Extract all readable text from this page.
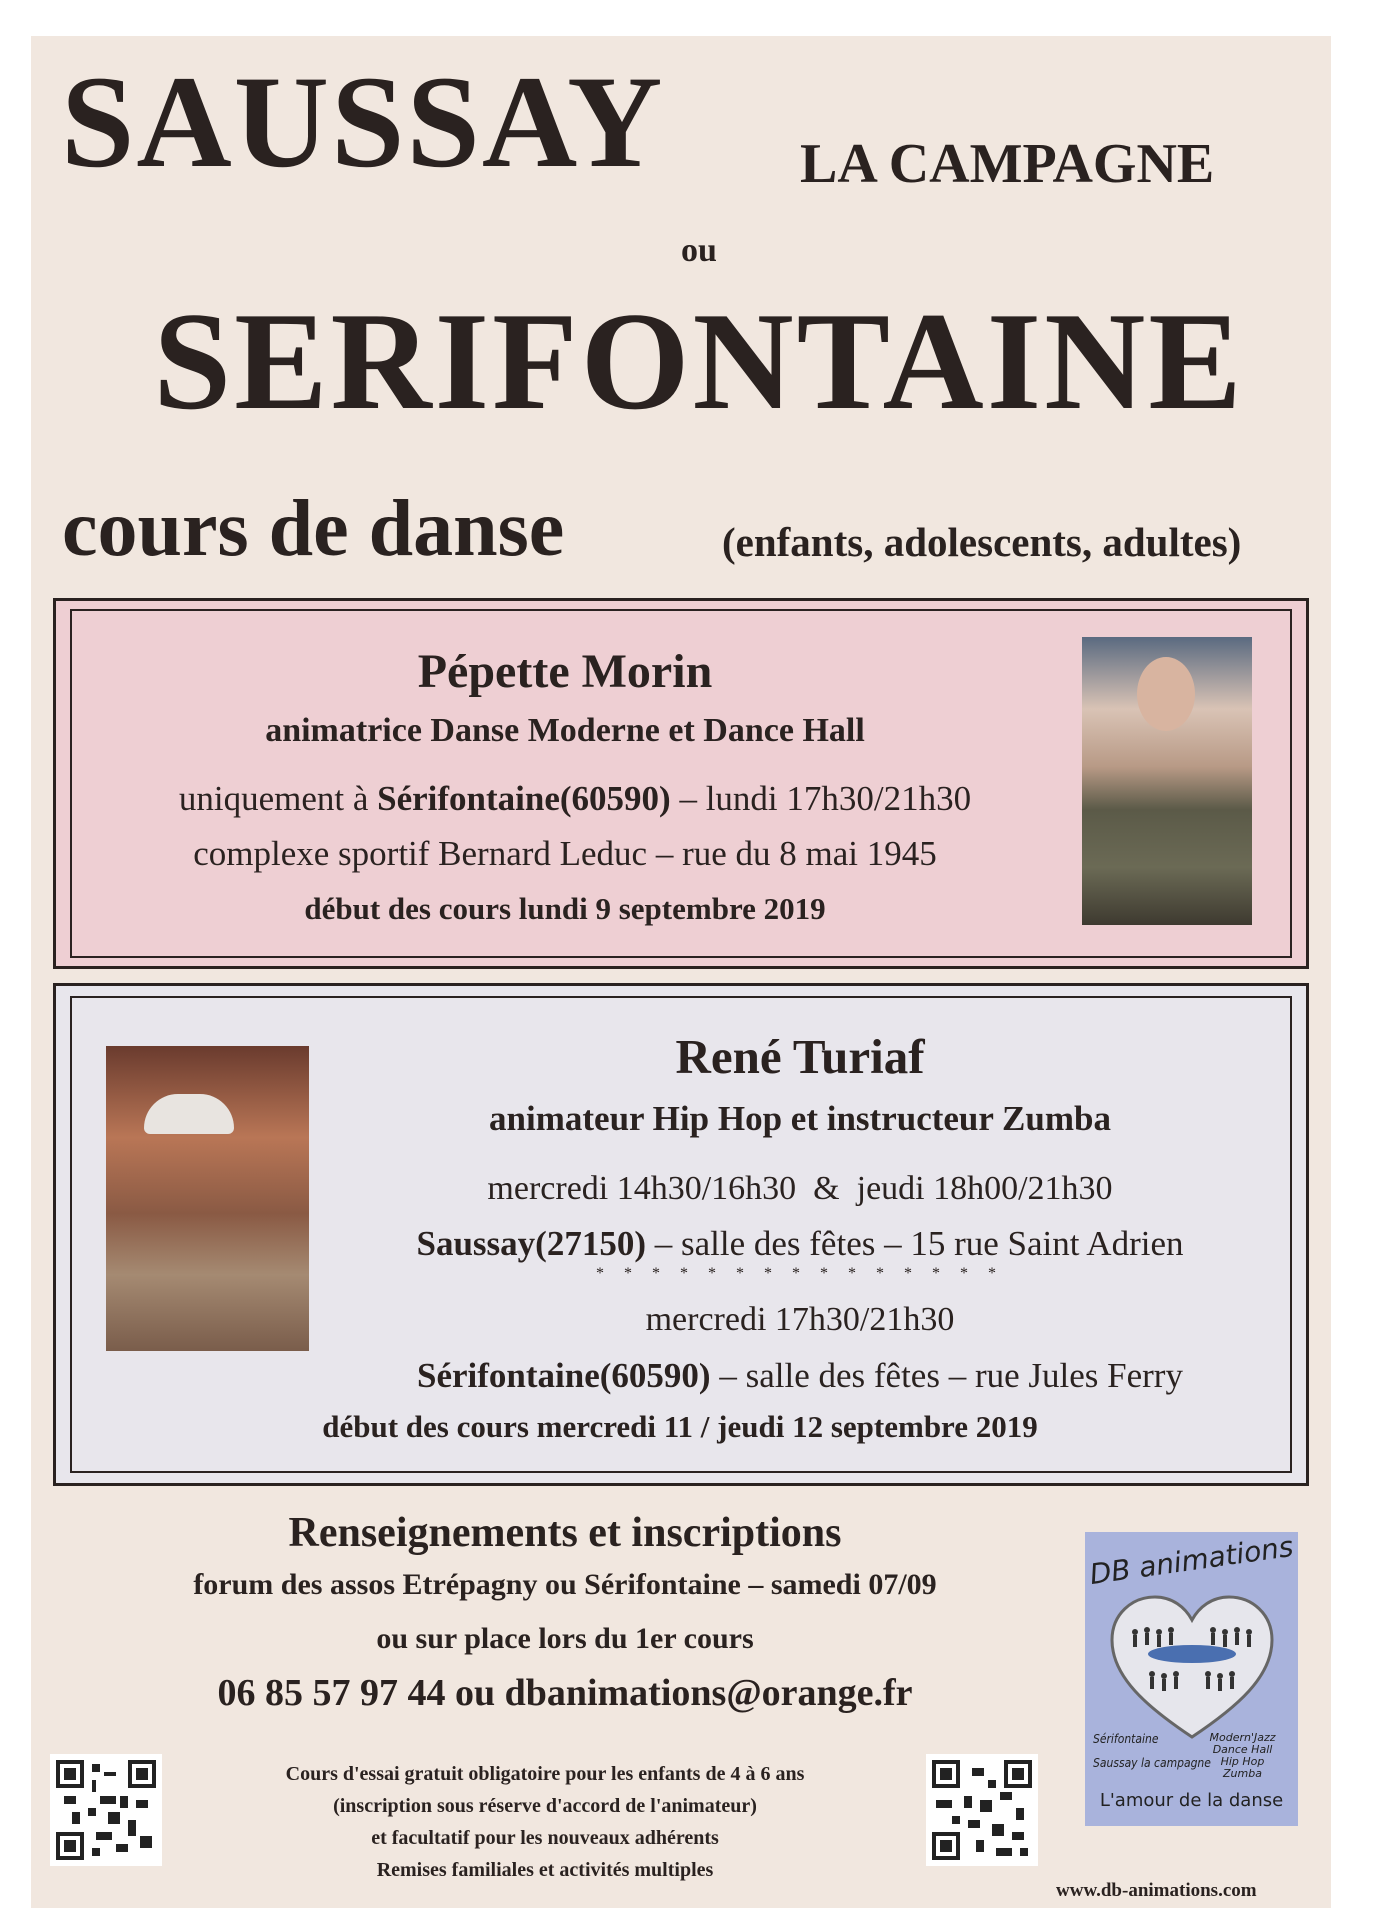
SAUSSAY LA CAMPAGNE
ou
SERIFONTAINE
cours de danse	(enfants, adolescents, adultes)
Pépette Morin
animatrice Danse Moderne et Dance Hall
uniquement à Sérifontaine(60590) – lundi 17h30/21h30
complexe sportif Bernard Leduc – rue du 8 mai 1945
début des cours lundi 9 septembre 2019
René Turiaf
animateur Hip Hop et instructeur Zumba
mercredi 14h30/16h30  &  jeudi 18h00/21h30
Saussay(27150) – salle des fêtes – 15 rue Saint Adrien
* * * * * * * * * * * * * * *
mercredi 17h30/21h30
Sérifontaine(60590) – salle des fêtes – rue Jules Ferry
début des cours mercredi 11 / jeudi 12 septembre 2019
Renseignements et inscriptions
forum des assos Etrépagny ou Sérifontaine – samedi 07/09
ou sur place lors du 1er cours
06 85 57 97 44 ou dbanimations@orange.fr
Cours d'essai gratuit obligatoire pour les enfants de 4 à 6 ans
(inscription sous réserve d'accord de l'animateur)
et facultatif pour les nouveaux adhérents
Remises familiales et activités multiples
DB animations
Sérifontaine
Saussay la campagne
Modern'Jazz
Dance Hall
Hip Hop
Zumba
L'amour de la danse
www.db-animations.com
